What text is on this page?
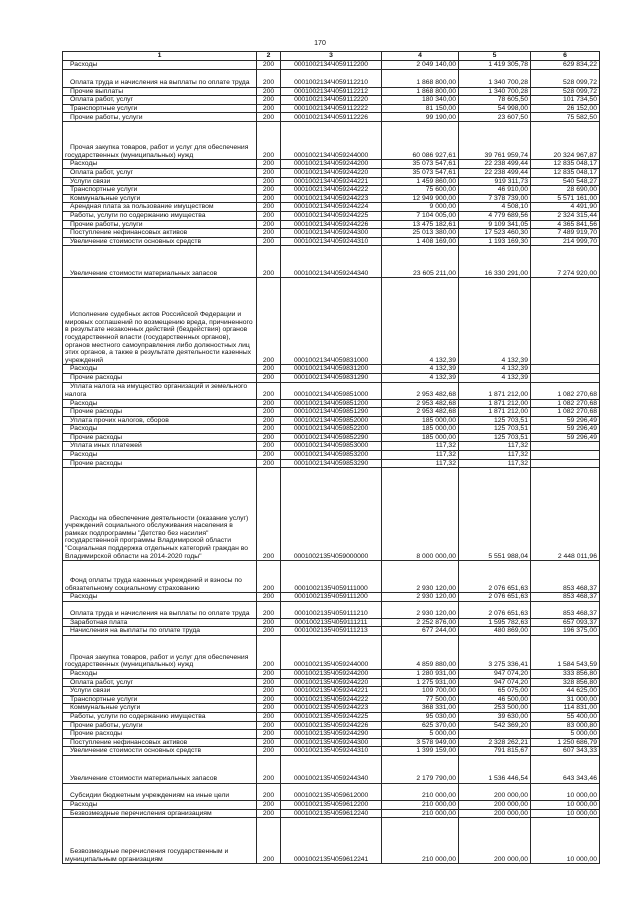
170
1	2	3	4	5	6
Расходы	200	0001002134Ч059112200	2 049 140,00	1 419 305,78	629 834,22
Оплата труда и начисления на выплаты по оплате труда	200	0001002134Ч059112210	1 868 800,00	1 340 700,28	528 099,72
Прочие выплаты	200	0001002134Ч059112212	1 868 800,00	1 340 700,28	528 099,72
Оплата работ, услуг	200	0001002134Ч059112220	180 340,00	78 605,50	101 734,50
Транспортные услуги	200	0001002134Ч059112222	81 150,00	54 998,00	26 152,00
Прочие работы, услуги	200	0001002134Ч059112226	99 190,00	23 607,50	75 582,50
Прочая закупка товаров, работ и услуг для обеспечения государственных (муниципальных) нужд	200	0001002134Ч059244000	60 086 927,61	39 761 959,74	20 324 967,87
Расходы	200	0001002134Ч059244200	35 073 547,61	22 238 499,44	12 835 048,17
Оплата работ, услуг	200	0001002134Ч059244220	35 073 547,61	22 238 499,44	12 835 048,17
Услуги связи	200	0001002134Ч059244221	1 459 860,00	919 311,73	540 548,27
Транспортные услуги	200	0001002134Ч059244222	75 600,00	46 910,00	28 690,00
Коммунальные услуги	200	0001002134Ч059244223	12 949 900,00	7 378 739,00	5 571 161,00
Арендная плата за пользование имуществом	200	0001002134Ч059244224	9 000,00	4 508,10	4 491,90
Работы, услуги по содержанию имущества	200	0001002134Ч059244225	7 104 005,00	4 779 689,56	2 324 315,44
Прочие работы, услуги	200	0001002134Ч059244226	13 475 182,61	9 109 341,05	4 365 841,56
Поступление нефинансовых активов	200	0001002134Ч059244300	25 013 380,00	17 523 460,30	7 489 919,70
Увеличение стоимости основных средств	200	0001002134Ч059244310	1 408 169,00	1 193 169,30	214 999,70
Увеличение стоимости материальных запасов	200	0001002134Ч059244340	23 605 211,00	16 330 291,00	7 274 920,00
Исполнение судебных актов Российской Федерации и мировых соглашений по возмещению вреда, причиненного в результате незаконных действий (бездействия) органов государственной власти (государственных органов), органов местного самоуправления либо должностных лиц этих органов, а также в результате деятельности казенных учреждений	200	0001002134Ч059831000	4 132,39	4 132,39	
Расходы	200	0001002134Ч059831200	4 132,39	4 132,39	
Прочие расходы	200	0001002134Ч059831290	4 132,39	4 132,39	
Уплата налога на имущество организаций и земельного налога	200	0001002134Ч059851000	2 953 482,68	1 871 212,00	1 082 270,68
Расходы	200	0001002134Ч059851200	2 953 482,68	1 871 212,00	1 082 270,68
Прочие расходы	200	0001002134Ч059851290	2 953 482,68	1 871 212,00	1 082 270,68
Уплата прочих налогов, сборов	200	0001002134Ч059852000	185 000,00	125 703,51	59 296,49
Расходы	200	0001002134Ч059852200	185 000,00	125 703,51	59 296,49
Прочие расходы	200	0001002134Ч059852290	185 000,00	125 703,51	59 296,49
Уплата иных платежей	200	0001002134Ч059853000	117,32	117,32	
Расходы	200	0001002134Ч059853200	117,32	117,32	
Прочие расходы	200	0001002134Ч059853290	117,32	117,32	
Расходы на обеспечение деятельности (оказание услуг) учреждений социального обслуживания населения в рамках подпрограммы "Детство без насилия" государственной программы Владимирской области "Социальная поддержка отдельных категорий граждан во Владимирской области на 2014-2020 годы"	200	0001002135Ч059000000	8 000 000,00	5 551 988,04	2 448 011,96
Фонд оплаты труда казенных учреждений и взносы по обязательному социальному страхованию	200	0001002135Ч059111000	2 930 120,00	2 076 651,63	853 468,37
Расходы	200	0001002135Ч059111200	2 930 120,00	2 076 651,63	853 468,37
Оплата труда и начисления на выплаты по оплате труда	200	0001002135Ч059111210	2 930 120,00	2 076 651,63	853 468,37
Заработная плата	200	0001002135Ч059111211	2 252 876,00	1 595 782,63	657 093,37
Начисления на выплаты по оплате труда	200	0001002135Ч059111213	677 244,00	480 869,00	196 375,00
Прочая закупка товаров, работ и услуг для обеспечения государственных (муниципальных) нужд	200	0001002135Ч059244000	4 859 880,00	3 275 336,41	1 584 543,59
Расходы	200	0001002135Ч059244200	1 280 931,00	947 074,20	333 856,80
Оплата работ, услуг	200	0001002135Ч059244220	1 275 931,00	947 074,20	328 856,80
Услуги связи	200	0001002135Ч059244221	109 700,00	65 075,00	44 625,00
Транспортные услуги	200	0001002135Ч059244222	77 500,00	46 500,00	31 000,00
Коммунальные услуги	200	0001002135Ч059244223	368 331,00	253 500,00	114 831,00
Работы, услуги по содержанию имущества	200	0001002135Ч059244225	95 030,00	39 630,00	55 400,00
Прочие работы, услуги	200	0001002135Ч059244226	625 370,00	542 369,20	83 000,80
Прочие расходы	200	0001002135Ч059244290	5 000,00		5 000,00
Поступление нефинансовых активов	200	0001002135Ч059244300	3 578 949,00	2 328 262,21	1 250 686,79
Увеличение стоимости основных средств	200	0001002135Ч059244310	1 399 159,00	791 815,67	607 343,33
Увеличение стоимости материальных запасов	200	0001002135Ч059244340	2 179 790,00	1 536 446,54	643 343,46
Субсидии бюджетным учреждениям на иные цели	200	0001002135Ч059612000	210 000,00	200 000,00	10 000,00
Расходы	200	0001002135Ч059612200	210 000,00	200 000,00	10 000,00
Безвозмездные перечисления организациям	200	0001002135Ч059612240	210 000,00	200 000,00	10 000,00
Безвозмездные перечисления государственным и муниципальным организациям	200	0001002135Ч059612241	210 000,00	200 000,00	10 000,00
